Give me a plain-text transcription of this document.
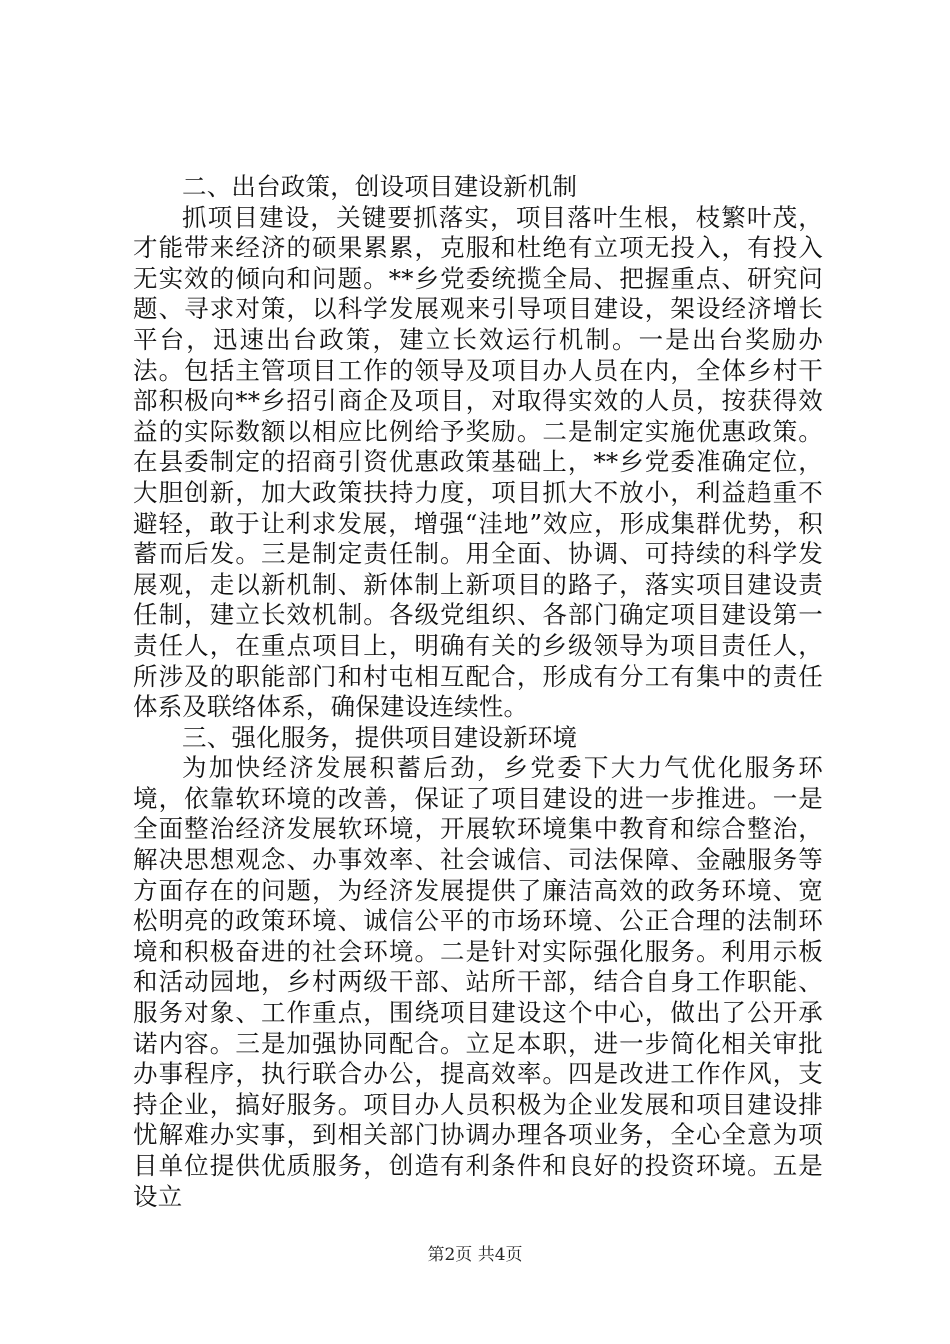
二、出台政策，创设项目建设新机制

抓项目建设，关键要抓落实，项目落叶生根，枝繁叶茂，才能带来经济的硕果累累，克服和杜绝有立项无投入，有投入无实效的倾向和问题。**乡党委统揽全局、把握重点、研究问题、寻求对策，以科学发展观来引导项目建设，架设经济增长平台，迅速出台政策，建立长效运行机制。一是出台奖励办法。包括主管项目工作的领导及项目办人员在内，全体乡村干部积极向**乡招引商企及项目，对取得实效的人员，按获得效益的实际数额以相应比例给予奖励。二是制定实施优惠政策。在县委制定的招商引资优惠政策基础上，**乡党委准确定位，大胆创新，加大政策扶持力度，项目抓大不放小，利益趋重不避轻，敢于让利求发展，增强“洼地”效应，形成集群优势，积蓄而后发。三是制定责任制。用全面、协调、可持续的科学发展观，走以新机制、新体制上新项目的路子，落实项目建设责任制，建立长效机制。各级党组织、各部门确定项目建设第一责任人，在重点项目上，明确有关的乡级领导为项目责任人，所涉及的职能部门和村屯相互配合，形成有分工有集中的责任体系及联络体系，确保建设连续性。

三、强化服务，提供项目建设新环境

为加快经济发展积蓄后劲，乡党委下大力气优化服务环境，依靠软环境的改善，保证了项目建设的进一步推进。一是全面整治经济发展软环境，开展软环境集中教育和综合整治，解决思想观念、办事效率、社会诚信、司法保障、金融服务等方面存在的问题，为经济发展提供了廉洁高效的政务环境、宽松明亮的政策环境、诚信公平的市场环境、公正合理的法制环境和积极奋进的社会环境。二是针对实际强化服务。利用示板和活动园地，乡村两级干部、站所干部，结合自身工作职能、服务对象、工作重点，围绕项目建设这个中心，做出了公开承诺内容。三是加强协同配合。立足本职，进一步简化相关审批办事程序，执行联合办公，提高效率。四是改进工作作风，支持企业，搞好服务。项目办人员积极为企业发展和项目建设排忧解难办实事，到相关部门协调办理各项业务，全心全意为项目单位提供优质服务，创造有利条件和良好的投资环境。五是设立

第2页 共4页
